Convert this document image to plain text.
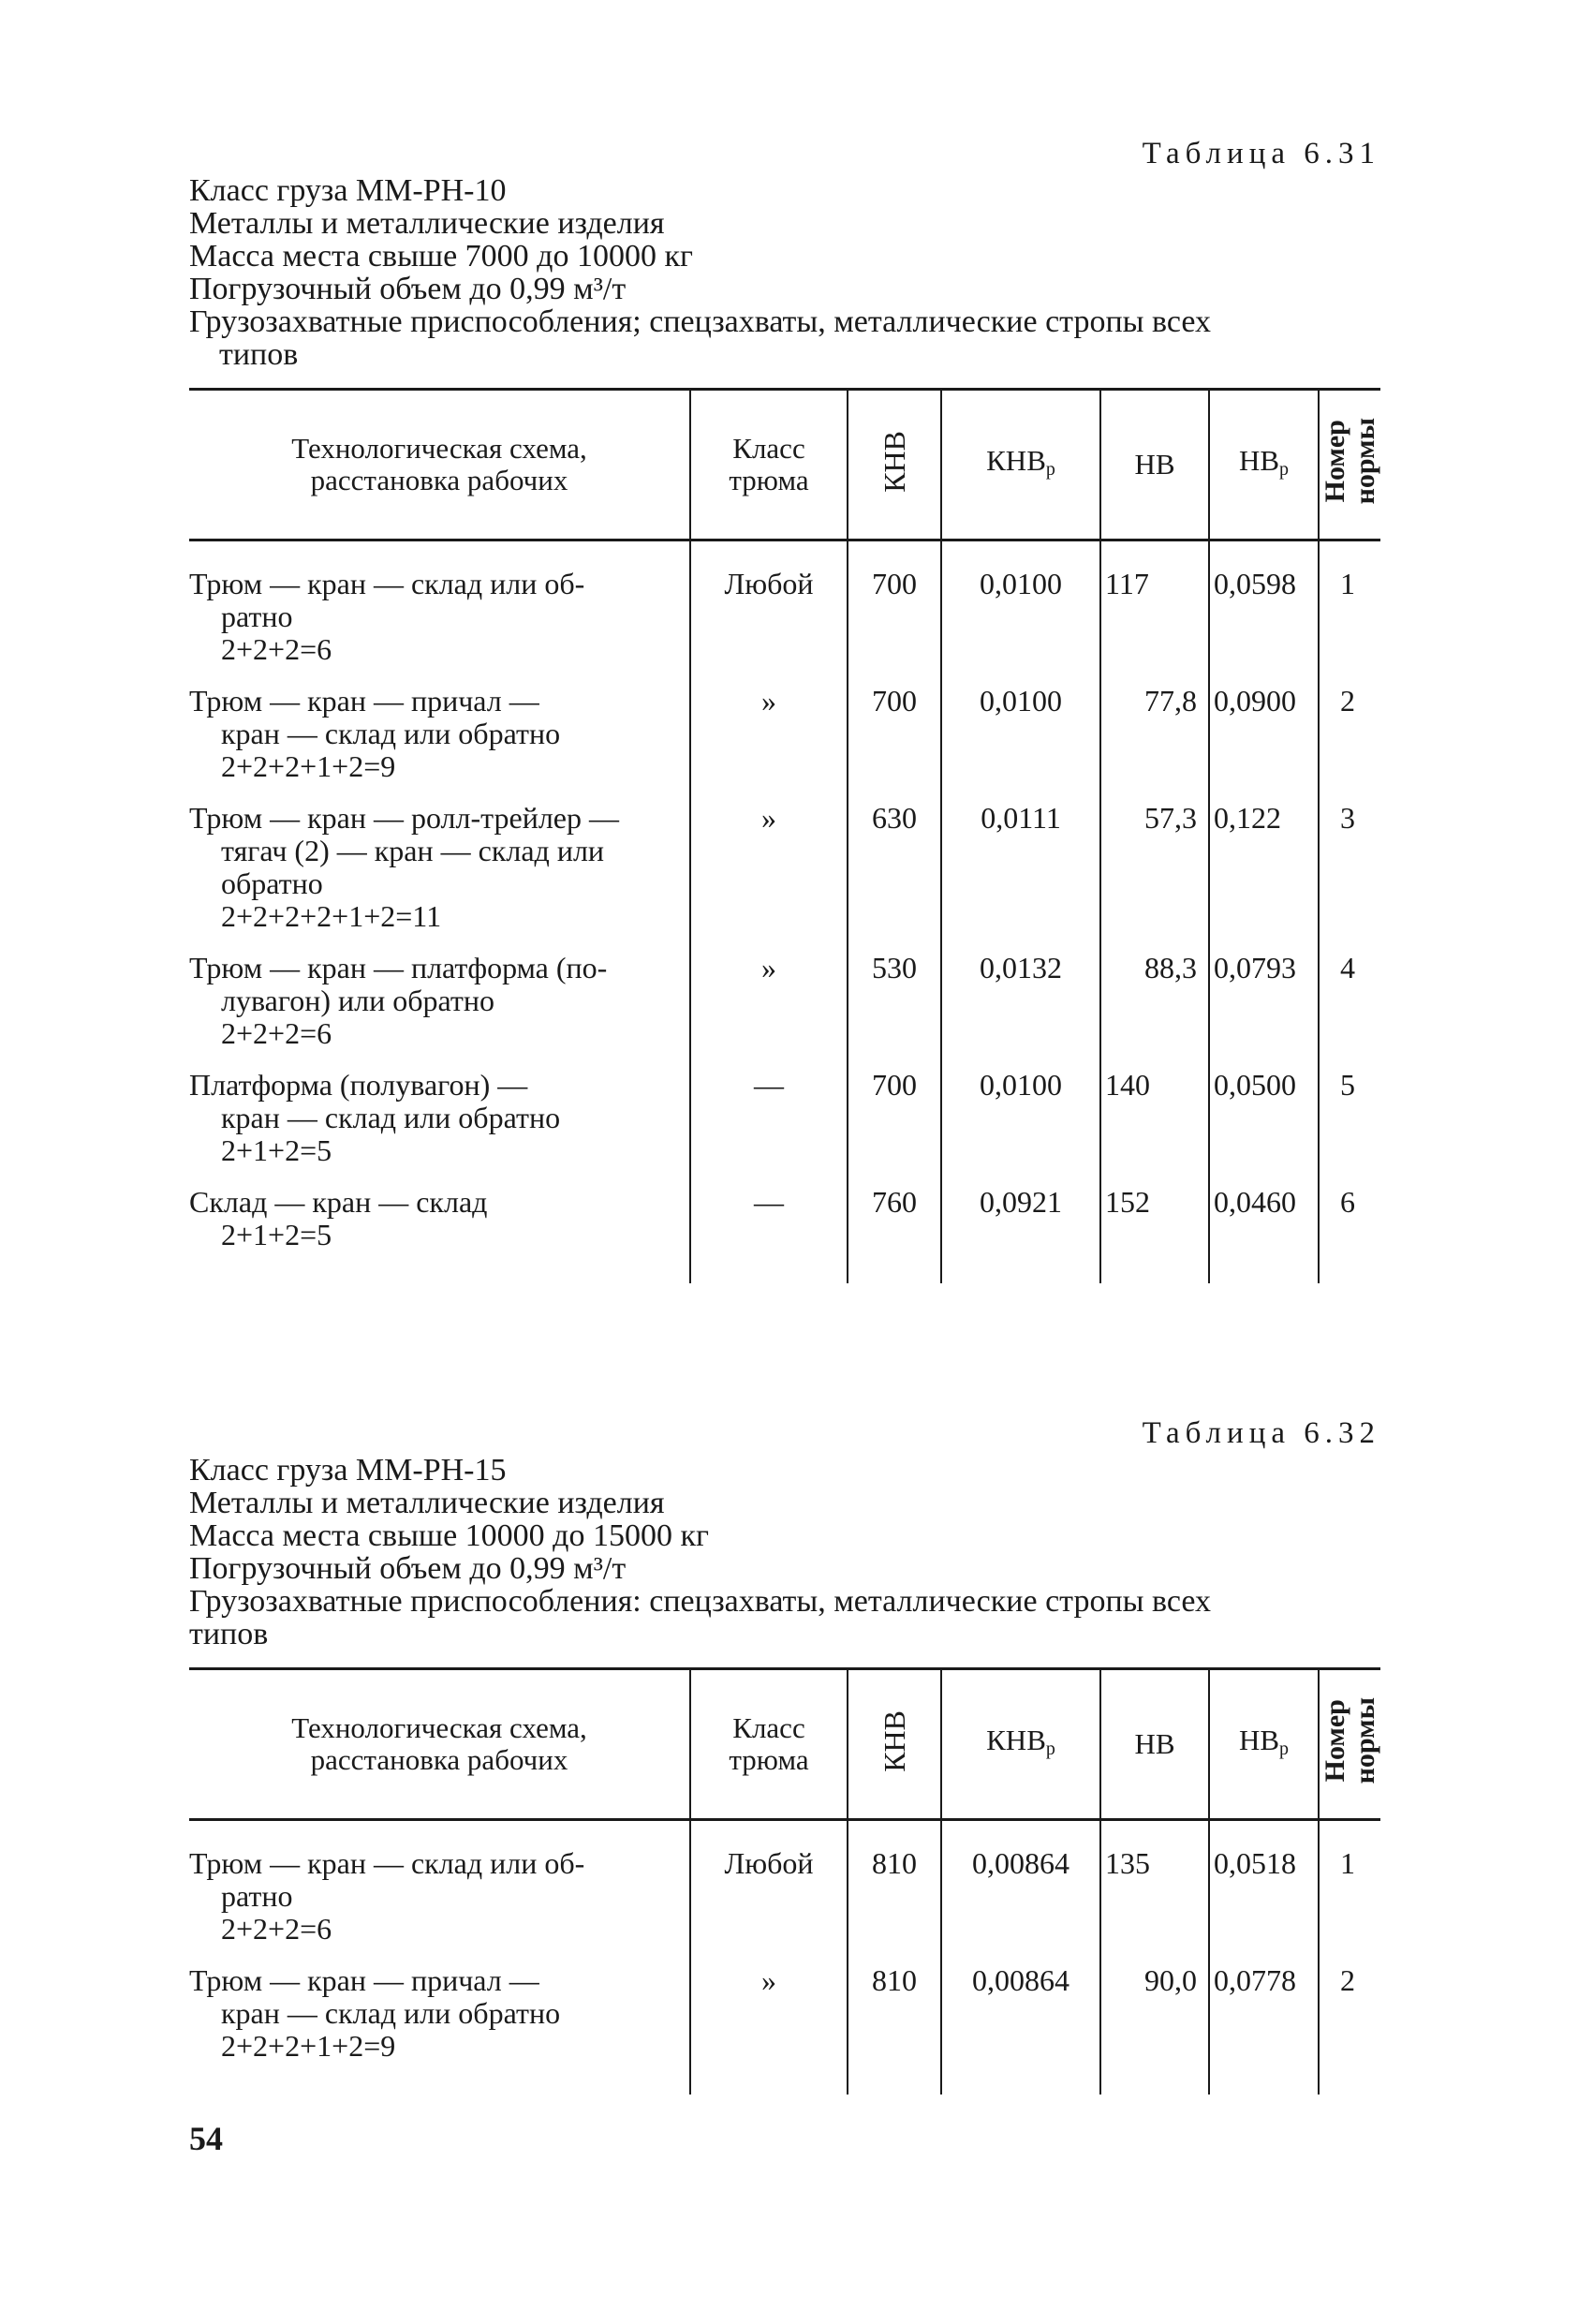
Таблица 6.31
Класс груза ММ-РН-10
Металлы и металлические изделия
Масса места свыше 7000 до 10000 кг
Погрузочный объем до 0,99 м³/т
Грузозахватные приспособления; спецзахваты, металлические стропы всех
типов
Технологическая схема,
расстановка рабочих	Класс
трюма	КНВ	$КНВ_р$	НВ	$НВ_р$	Номер
нормы

Трюм — кран — склад или об-
ратно
2+2+2=6	Любой	700	0,0100	117	0,0598	1

Трюм — кран — причал —
кран — склад или обратно
2+2+2+1+2=9	»	700	0,0100	77,8	0,0900	2

Трюм — кран — ролл-трейлер —
тягач (2) — кран — склад или
обратно
2+2+2+2+1+2=11	»	630	0,0111	57,3	0,122	3

Трюм — кран — платформа (по-
лувагон) или обратно
2+2+2=6	»	530	0,0132	88,3	0,0793	4

Платформа (полувагон) —
кран — склад или обратно
2+1+2=5	—	700	0,0100	140	0,0500	5

Склад — кран — склад
2+1+2=5	—	760	0,0921	152	0,0460	6
Таблица 6.32
Класс груза ММ-РН-15
Металлы и металлические изделия
Масса места свыше 10000 до 15000 кг
Погрузочный объем до 0,99 м³/т
Грузозахватные приспособления: спецзахваты, металлические стропы всех
типов
Технологическая схема,
расстановка рабочих	Класс
трюма	КНВ	$КНВ_р$	НВ	$НВ_р$	Номер
нормы

Трюм — кран — склад или об-
ратно
2+2+2=6	Любой	810	0,00864	135	0,0518	1

Трюм — кран — причал —
кран — склад или обратно
2+2+2+1+2=9	»	810	0,00864	90,0	0,0778	2
54
